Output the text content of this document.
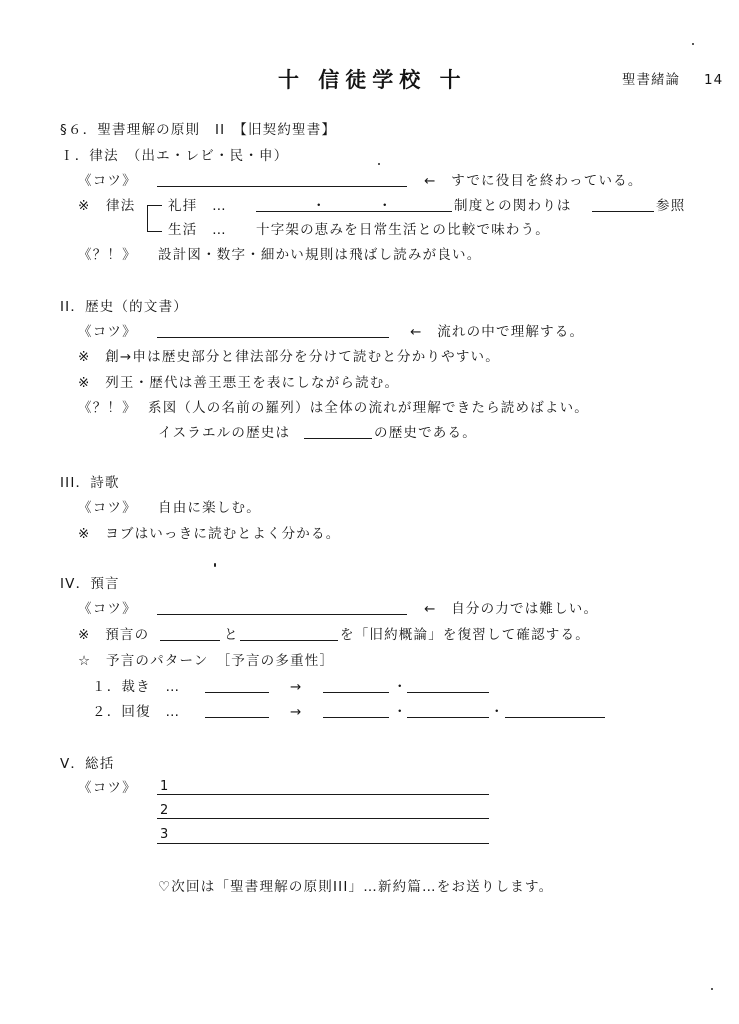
十 信徒学校 十	聖書緒論 14
§６．聖書理解の原則　II　【旧契約聖書】
Ｉ．律法　（出エ・レビ・民・申）
《コツ》	←　すでに役目を終わっている。
※ 律法 礼拝　…	・	・	制度との関わりは	参照
生活　… 十字架の恵みを日常生活との比較で味わう。
《？！》 設計図・数字・細かい規則は飛ばし読みが良い。
II．歴史（的文書）
《コツ》	←　流れの中で理解する。
※　創→申は歴史部分と律法部分を分けて読むと分かりやすい。
※　列王・歴代は善王悪王を表にしながら読む。
《？！》 系図（人の名前の羅列）は全体の流れが理解できたら読めばよい。
イスラエルの歴史は	の歴史である。
III．詩歌
《コツ》 自由に楽しむ。
※　ヨブはいっきに読むとよく分かる。
IV．預言
《コツ》	←　自分の力では難しい。
※　預言の	と	を「旧約概論」を復習して確認する。
☆　予言のパターン　［予言の多重性］
１．裁き　…	→	・
２．回復　…	→	・	・
V．総括
《コツ》 1
2
3
♡次回は「聖書理解の原則III」…新約篇…をお送りします。
